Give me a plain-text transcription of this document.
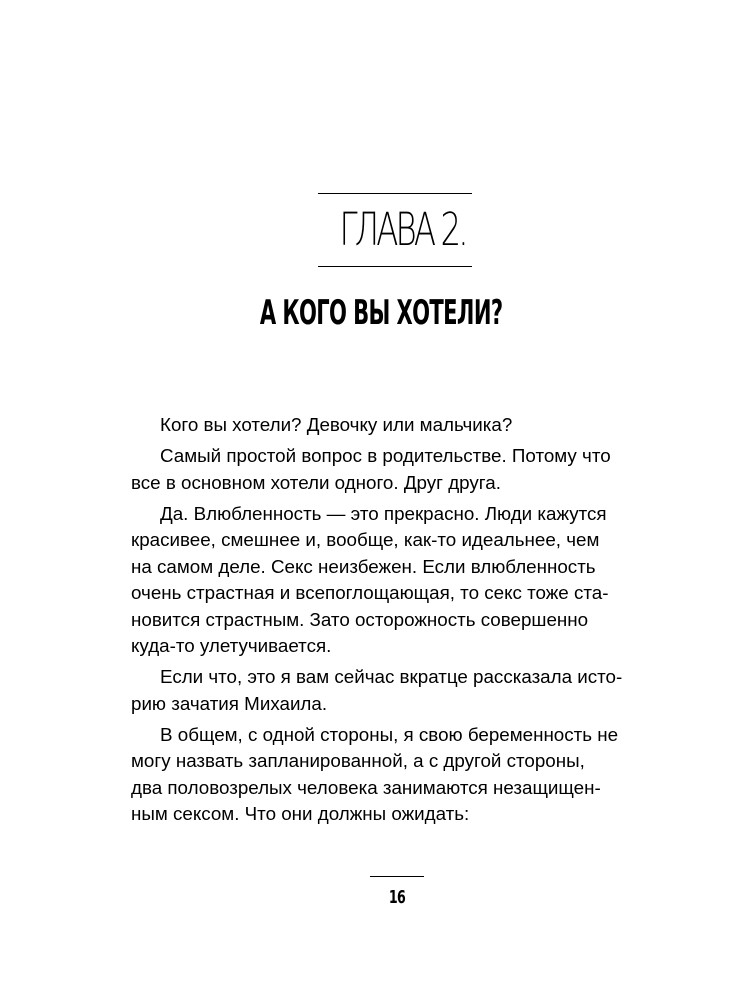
ГЛАВА 2.
А КОГО ВЫ ХОТЕЛИ?

Кого вы хотели? Девочку или мальчика?

Самый простой вопрос в родительстве. Потому что
все в основном хотели одного. Друг друга.

Да. Влюбленность — это прекрасно. Люди кажутся
красивее, смешнее и, вообще, как-то идеальнее, чем
на самом деле. Секс неизбежен. Если влюбленность
очень страстная и всепоглощающая, то секс тоже ста-
новится страстным. Зато осторожность совершенно
куда-то улетучивается.

Если что, это я вам сейчас вкратце рассказала исто-
рию зачатия Михаила.

В общем, с одной стороны, я свою беременность не
могу назвать запланированной, а с другой стороны,
два половозрелых человека занимаются незащищен-
ным сексом. Что они должны ожидать:

16
